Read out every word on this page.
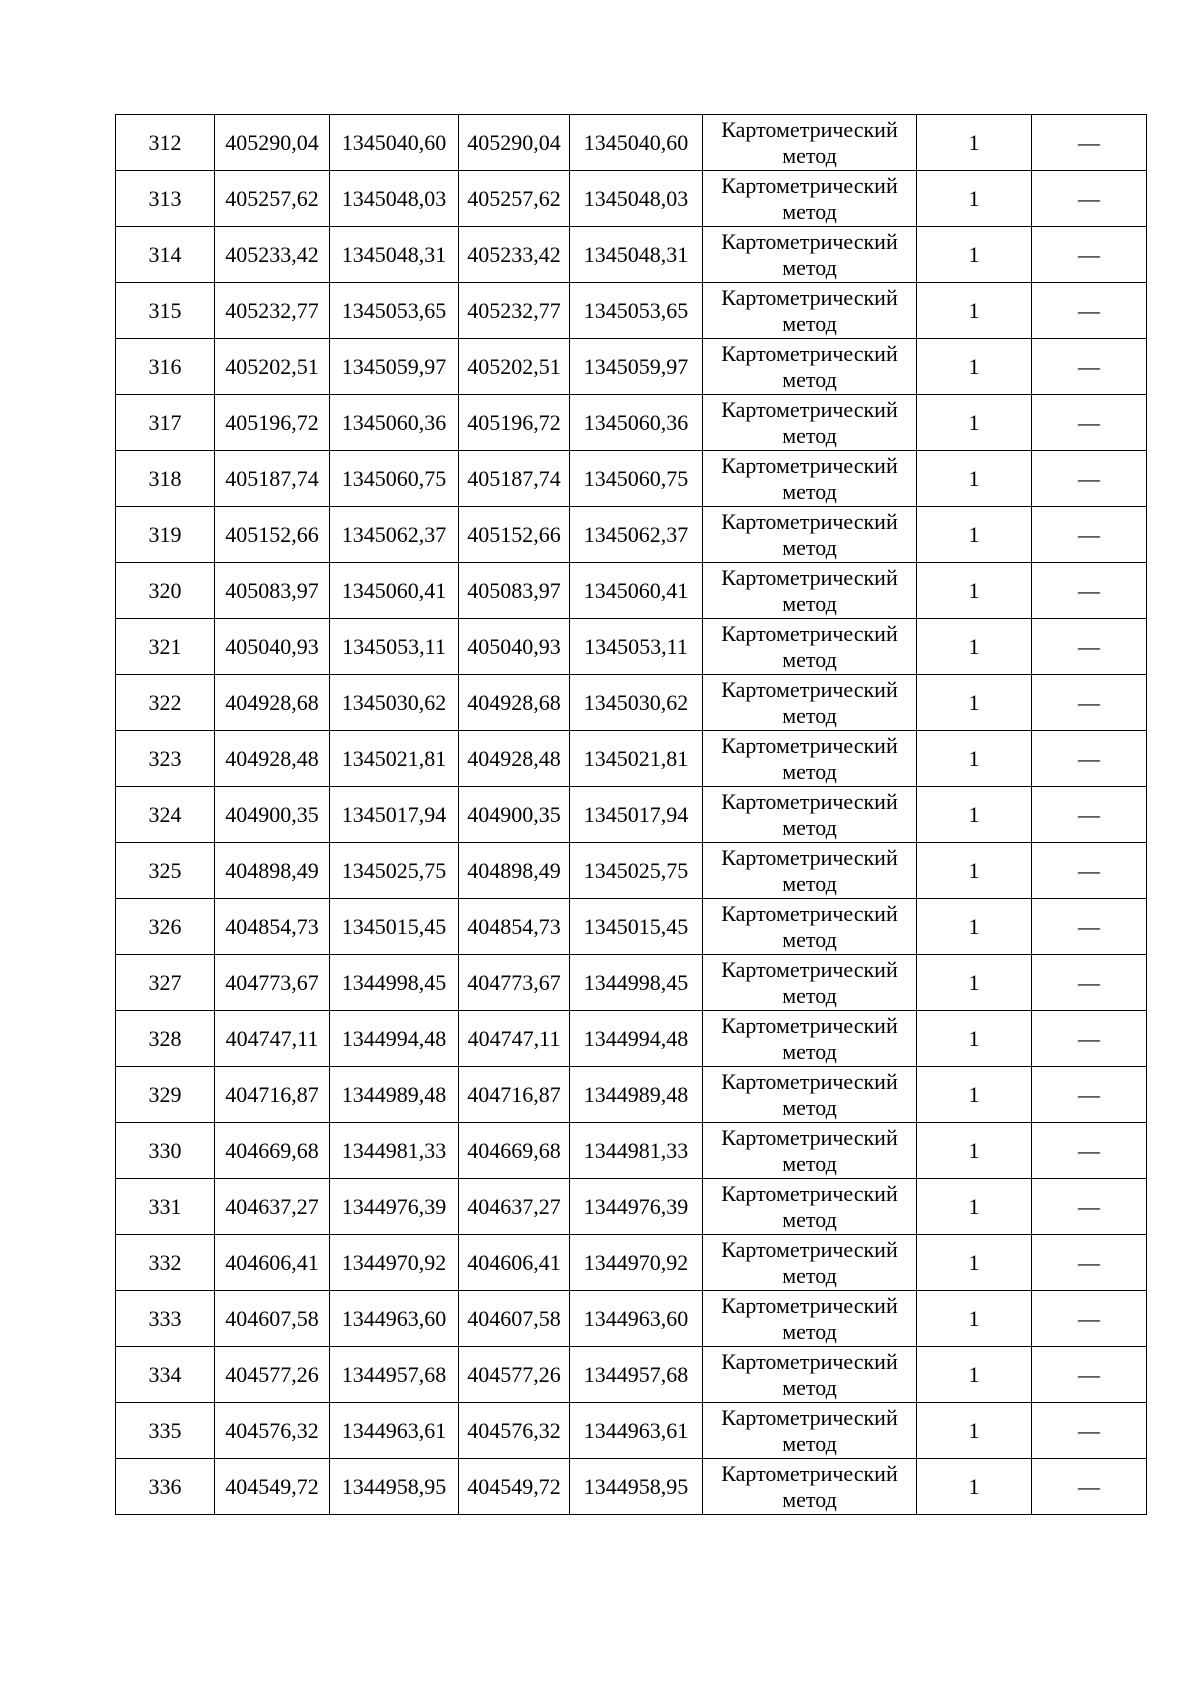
312	405290,04	1345040,60	405290,04	1345040,60	Картометрический
метод	1	—
313	405257,62	1345048,03	405257,62	1345048,03	Картометрический
метод	1	—
314	405233,42	1345048,31	405233,42	1345048,31	Картометрический
метод	1	—
315	405232,77	1345053,65	405232,77	1345053,65	Картометрический
метод	1	—
316	405202,51	1345059,97	405202,51	1345059,97	Картометрический
метод	1	—
317	405196,72	1345060,36	405196,72	1345060,36	Картометрический
метод	1	—
318	405187,74	1345060,75	405187,74	1345060,75	Картометрический
метод	1	—
319	405152,66	1345062,37	405152,66	1345062,37	Картометрический
метод	1	—
320	405083,97	1345060,41	405083,97	1345060,41	Картометрический
метод	1	—
321	405040,93	1345053,11	405040,93	1345053,11	Картометрический
метод	1	—
322	404928,68	1345030,62	404928,68	1345030,62	Картометрический
метод	1	—
323	404928,48	1345021,81	404928,48	1345021,81	Картометрический
метод	1	—
324	404900,35	1345017,94	404900,35	1345017,94	Картометрический
метод	1	—
325	404898,49	1345025,75	404898,49	1345025,75	Картометрический
метод	1	—
326	404854,73	1345015,45	404854,73	1345015,45	Картометрический
метод	1	—
327	404773,67	1344998,45	404773,67	1344998,45	Картометрический
метод	1	—
328	404747,11	1344994,48	404747,11	1344994,48	Картометрический
метод	1	—
329	404716,87	1344989,48	404716,87	1344989,48	Картометрический
метод	1	—
330	404669,68	1344981,33	404669,68	1344981,33	Картометрический
метод	1	—
331	404637,27	1344976,39	404637,27	1344976,39	Картометрический
метод	1	—
332	404606,41	1344970,92	404606,41	1344970,92	Картометрический
метод	1	—
333	404607,58	1344963,60	404607,58	1344963,60	Картометрический
метод	1	—
334	404577,26	1344957,68	404577,26	1344957,68	Картометрический
метод	1	—
335	404576,32	1344963,61	404576,32	1344963,61	Картометрический
метод	1	—
336	404549,72	1344958,95	404549,72	1344958,95	Картометрический
метод	1	—
